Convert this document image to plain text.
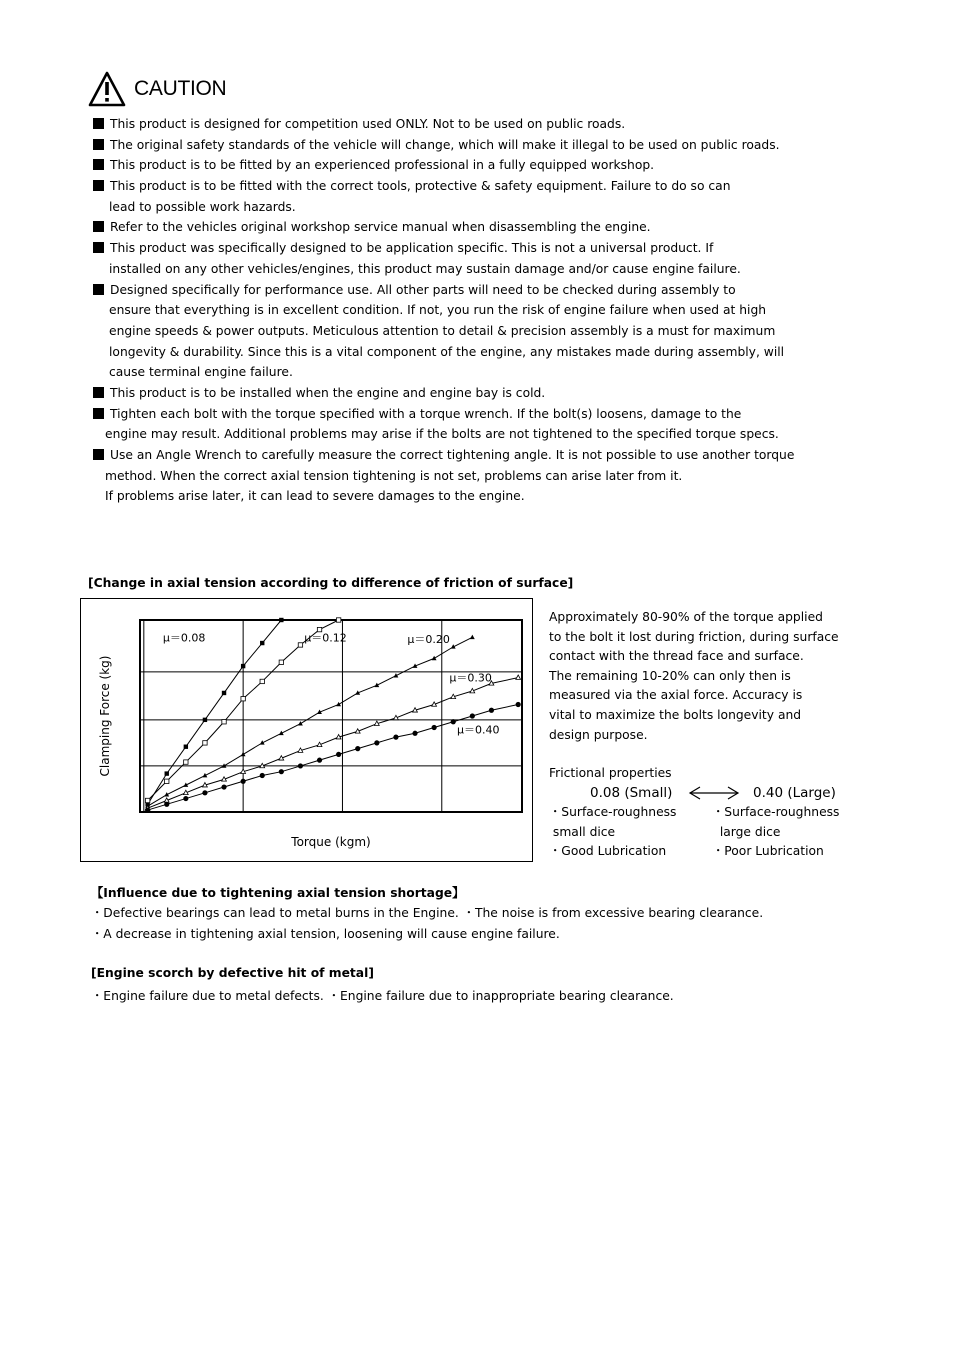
CAUTION
This product is designed for competition used ONLY. Not to be used on public roads.
The original safety standards of the vehicle will change, which will make it illegal to be used on public roads.
This product is to be fitted by an experienced professional in a fully equipped workshop.
This product is to be fitted with the correct tools, protective & safety equipment. Failure to do so can
lead to possible work hazards.
Refer to the vehicles original workshop service manual when disassembling the engine.
This product was specifically designed to be application specific. This is not a universal product. If
installed on any other vehicles/engines, this product may sustain damage and/or cause engine failure.
Designed specifically for performance use. All other parts will need to be checked during assembly to
ensure that everything is in excellent condition. If not, you run the risk of engine failure when used at high
engine speeds & power outputs. Meticulous attention to detail & precision assembly is a must for maximum
longevity & durability. Since this is a vital component of the engine, any mistakes made during assembly, will
cause terminal engine failure.
This product is to be installed when the engine and engine bay is cold.
Tighten each bolt with the torque specified with a torque wrench. If the bolt(s) loosens, damage to the
engine may result. Additional problems may arise if the bolts are not tightened to the specified torque specs.
Use an Angle Wrench to carefully measure the correct tightening angle. It is not possible to use another torque
method. When the correct axial tension tightening is not set, problems can arise later from it.
If problems arise later, it can lead to severe damages to the engine.
[Change in axial tension according to difference of friction of surface]
μ＝0.08	μ＝0.12	μ＝0.20
μ＝0.30
μ＝0.40
Torque (kgm)
Clamping Force (kg)
Approximately 80-90% of the torque applied
to the bolt it lost during friction, during surface
contact with the thread face and surface.
The remaining 10-20% can only then is
measured via the axial force. Accuracy is
vital to maximize the bolts longevity and
design purpose.
Frictional properties
0.08 (Small)	0.40 (Large)
・Surface-roughness
small dice
・Good Lubrication
・Surface-roughness
large dice
・Poor Lubrication
【Influence due to tightening axial tension shortage】
・Defective bearings can lead to metal burns in the Engine. ・The noise is from excessive bearing clearance.
・A decrease in tightening axial tension, loosening will cause engine failure.
[Engine scorch by defective hit of metal]
・Engine failure due to metal defects. ・Engine failure due to inappropriate bearing clearance.
